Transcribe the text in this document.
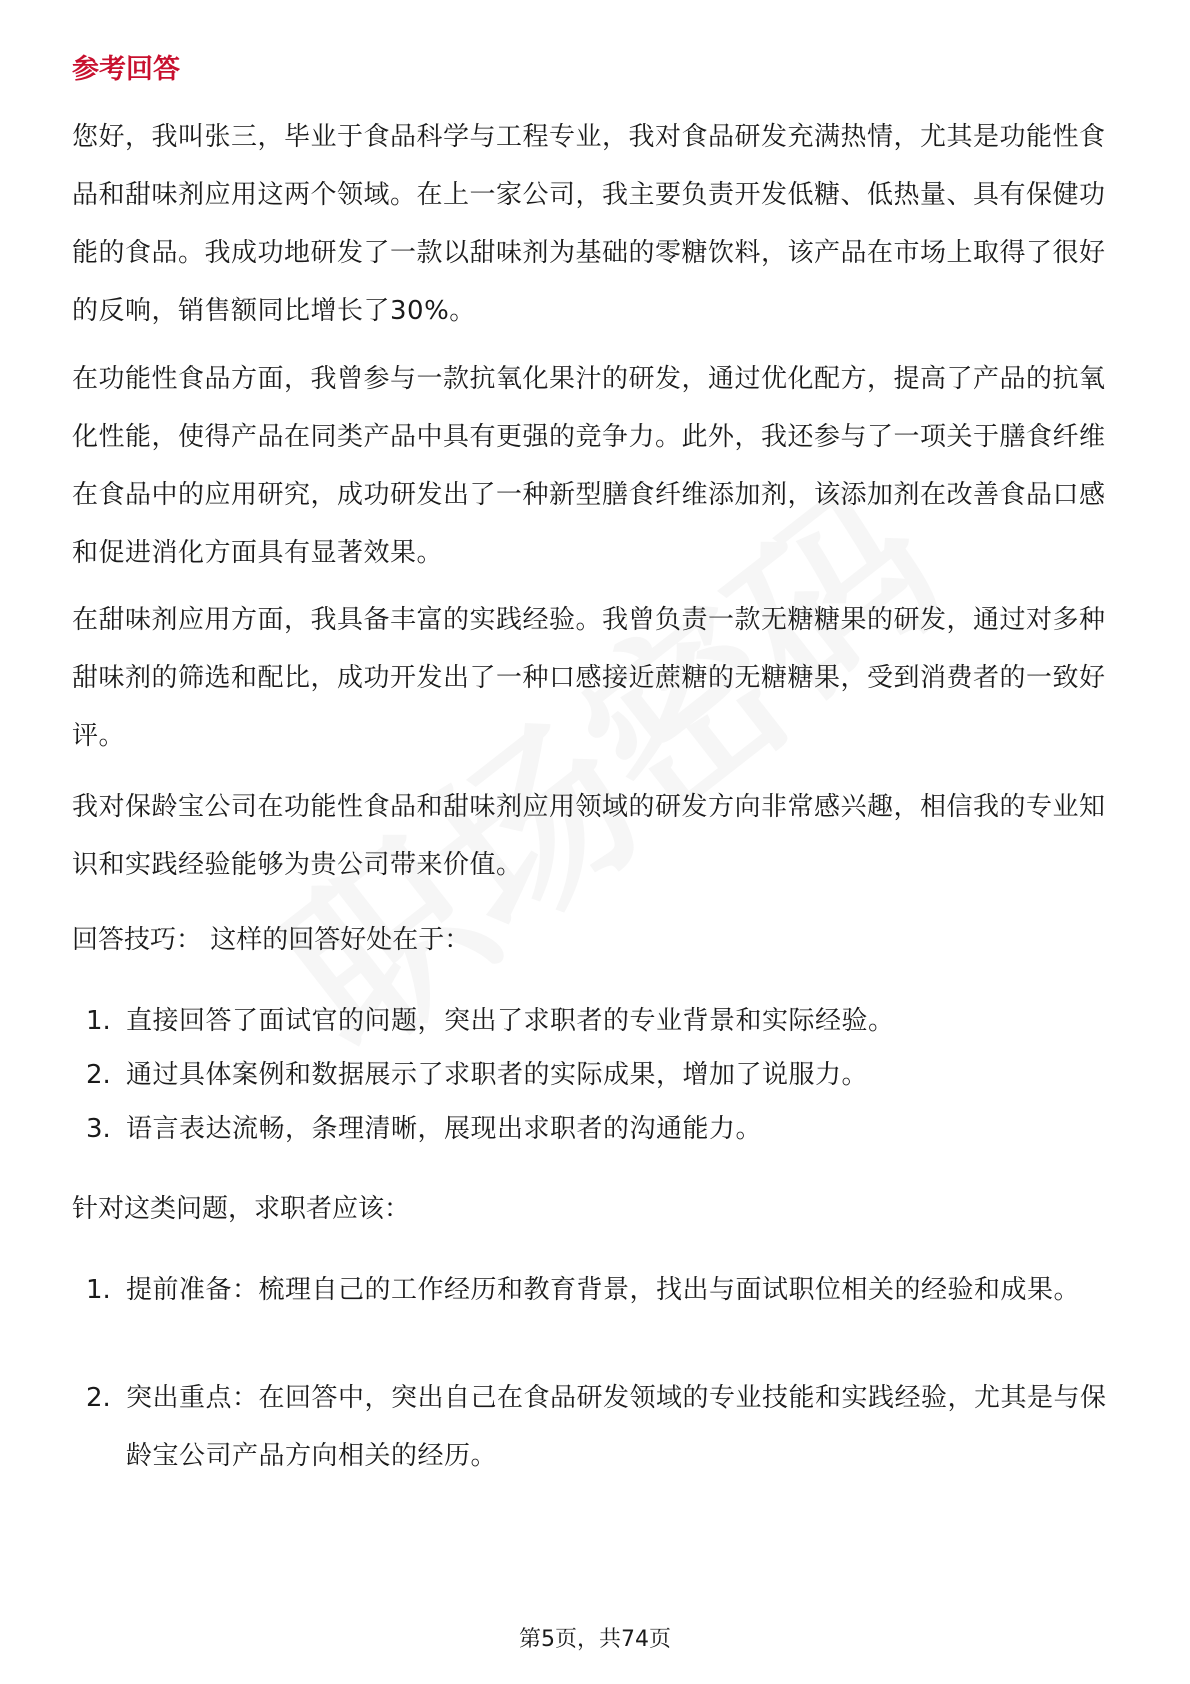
参考回答

您好，我叫张三，毕业于食品科学与工程专业，我对食品研发充满热情，尤其是功能性食品和甜味剂应用这两个领域。在上一家公司，我主要负责开发低糖、低热量、具有保健功能的食品。我成功地研发了一款以甜味剂为基础的零糖饮料，该产品在市场上取得了很好的反响，销售额同比增长了30%。

在功能性食品方面，我曾参与一款抗氧化果汁的研发，通过优化配方，提高了产品的抗氧化性能，使得产品在同类产品中具有更强的竞争力。此外，我还参与了一项关于膳食纤维在食品中的应用研究，成功研发出了一种新型膳食纤维添加剂，该添加剂在改善食品口感和促进消化方面具有显著效果。

在甜味剂应用方面，我具备丰富的实践经验。我曾负责一款无糖糖果的研发，通过对多种甜味剂的筛选和配比，成功开发出了一种口感接近蔗糖的无糖糖果，受到消费者的一致好评。

我对保龄宝公司在功能性食品和甜味剂应用领域的研发方向非常感兴趣，相信我的专业知识和实践经验能够为贵公司带来价值。

回答技巧： 这样的回答好处在于：

1. 直接回答了面试官的问题，突出了求职者的专业背景和实际经验。
2. 通过具体案例和数据展示了求职者的实际成果，增加了说服力。
3. 语言表达流畅，条理清晰，展现出求职者的沟通能力。

针对这类问题，求职者应该：

1. 提前准备：梳理自己的工作经历和教育背景，找出与面试职位相关的经验和成果。
2. 突出重点：在回答中，突出自己在食品研发领域的专业技能和实践经验，尤其是与保龄宝公司产品方向相关的经历。
第5页，共74页
